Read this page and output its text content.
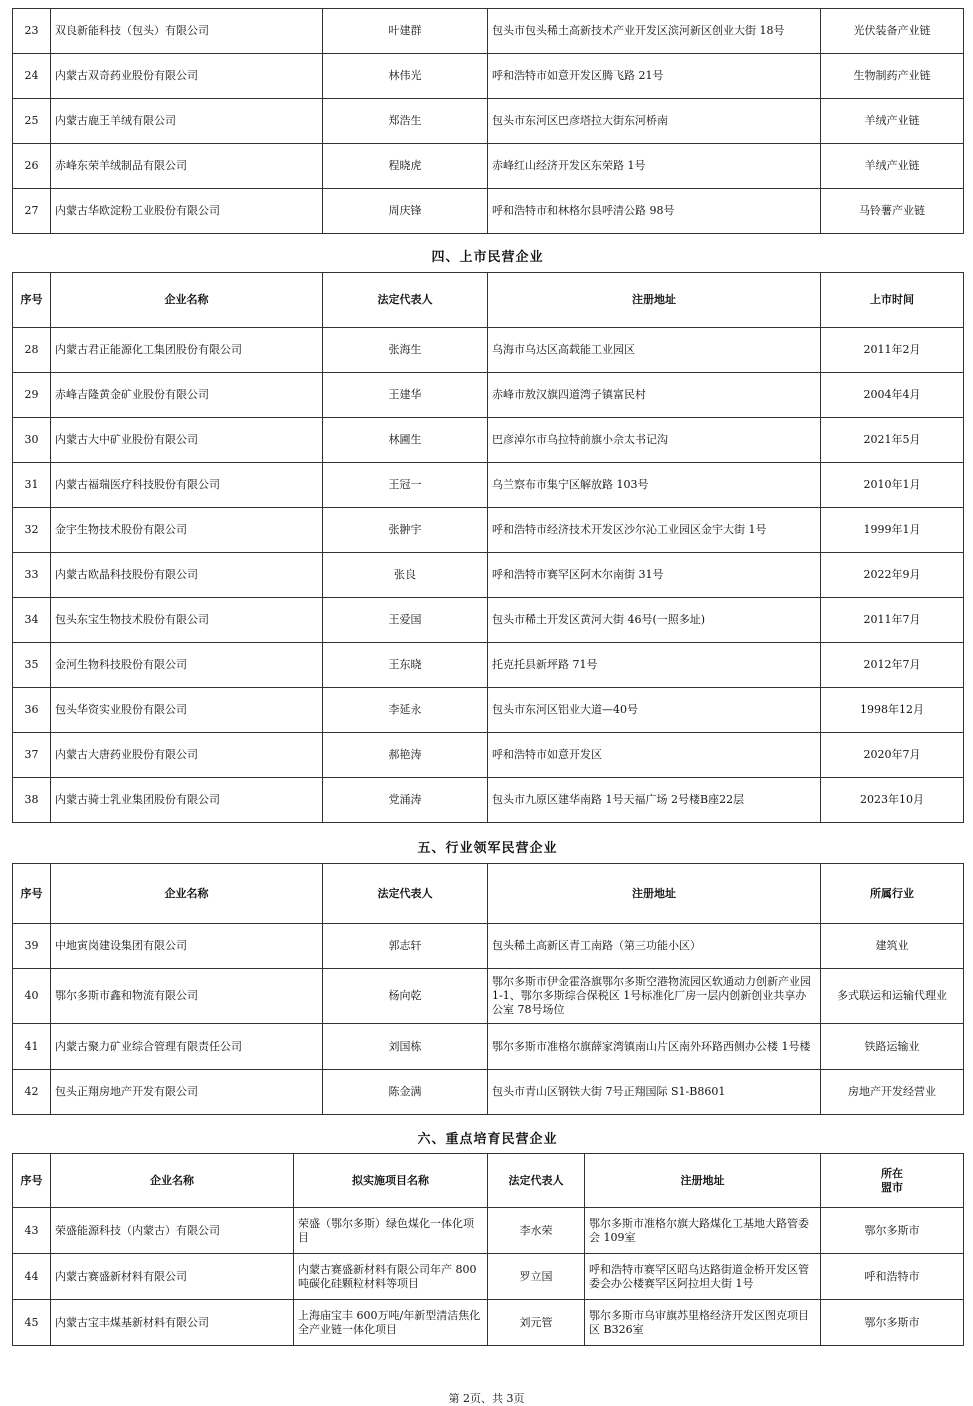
23	双良新能科技（包头）有限公司	叶建群	包头市包头稀土高新技术产业开发区滨河新区创业大街 18号	光伏装备产业链
24	内蒙古双奇药业股份有限公司	林伟光	呼和浩特市如意开发区腾飞路 21号	生物制药产业链
25	内蒙古鹿王羊绒有限公司	郑浩生	包头市东河区巴彦塔拉大街东河桥南	羊绒产业链
26	赤峰东荣羊绒制品有限公司	程晓虎	赤峰红山经济开发区东荣路 1号	羊绒产业链
27	内蒙古华欧淀粉工业股份有限公司	周庆锋	呼和浩特市和林格尔县呼清公路 98号	马铃薯产业链
四、上市民营企业
序号	企业名称	法定代表人	注册地址	上市时间
28	内蒙古君正能源化工集团股份有限公司	张海生	乌海市乌达区高载能工业园区	2011年2月
29	赤峰吉隆黄金矿业股份有限公司	王建华	赤峰市敖汉旗四道湾子镇富民村	2004年4月
30	内蒙古大中矿业股份有限公司	林圃生	巴彦淖尔市乌拉特前旗小佘太书记沟	2021年5月
31	内蒙古福瑞医疗科技股份有限公司	王冠一	乌兰察布市集宁区解放路 103号	2010年1月
32	金宇生物技术股份有限公司	张翀宇	呼和浩特市经济技术开发区沙尔沁工业园区金宇大街 1号	1999年1月
33	内蒙古欧晶科技股份有限公司	张良	呼和浩特市赛罕区阿木尔南街 31号	2022年9月
34	包头东宝生物技术股份有限公司	王爱国	包头市稀土开发区黄河大街 46号(一照多址)	2011年7月
35	金河生物科技股份有限公司	王东晓	托克托县新坪路 71号	2012年7月
36	包头华资实业股份有限公司	李延永	包头市东河区铝业大道—40号	1998年12月
37	内蒙古大唐药业股份有限公司	郝艳涛	呼和浩特市如意开发区	2020年7月
38	内蒙古骑士乳业集团股份有限公司	党涌涛	包头市九原区建华南路 1号天福广场 2号楼B座22层	2023年10月
五、行业领军民营企业
序号	企业名称	法定代表人	注册地址	所属行业
39	中地寅岗建设集团有限公司	郭志轩	包头稀土高新区青工南路（第三功能小区）	建筑业
40	鄂尔多斯市鑫和物流有限公司	杨向乾	鄂尔多斯市伊金霍洛旗鄂尔多斯空港物流园区软通动力创新产业园 1-1、鄂尔多斯综合保税区 1号标准化厂房一层内创新创业共享办公室 78号场位	多式联运和运输代理业
41	内蒙古聚力矿业综合管理有限责任公司	刘国栋	鄂尔多斯市准格尔旗薛家湾镇南山片区南外环路西侧办公楼 1号楼	铁路运输业
42	包头正翔房地产开发有限公司	陈金满	包头市青山区钢铁大街 7号正翔国际 S1-B8601	房地产开发经营业
六、重点培育民营企业
序号	企业名称	拟实施项目名称	法定代表人	注册地址	所在
盟市
43	荣盛能源科技（内蒙古）有限公司	荣盛（鄂尔多斯）绿色煤化一体化项目	李水荣	鄂尔多斯市准格尔旗大路煤化工基地大路管委会 109室	鄂尔多斯市
44	内蒙古赛盛新材料有限公司	内蒙古赛盛新材料有限公司年产 800吨碳化硅颗粒材料等项目	罗立国	呼和浩特市赛罕区昭乌达路街道金桥开发区管委会办公楼赛罕区阿拉坦大街 1号	呼和浩特市
45	内蒙古宝丰煤基新材料有限公司	上海庙宝丰 600万吨/年新型清洁焦化全产业链一体化项目	刘元管	鄂尔多斯市乌审旗苏里格经济开发区图克项目区 B326室	鄂尔多斯市
第 2页、共 3页
